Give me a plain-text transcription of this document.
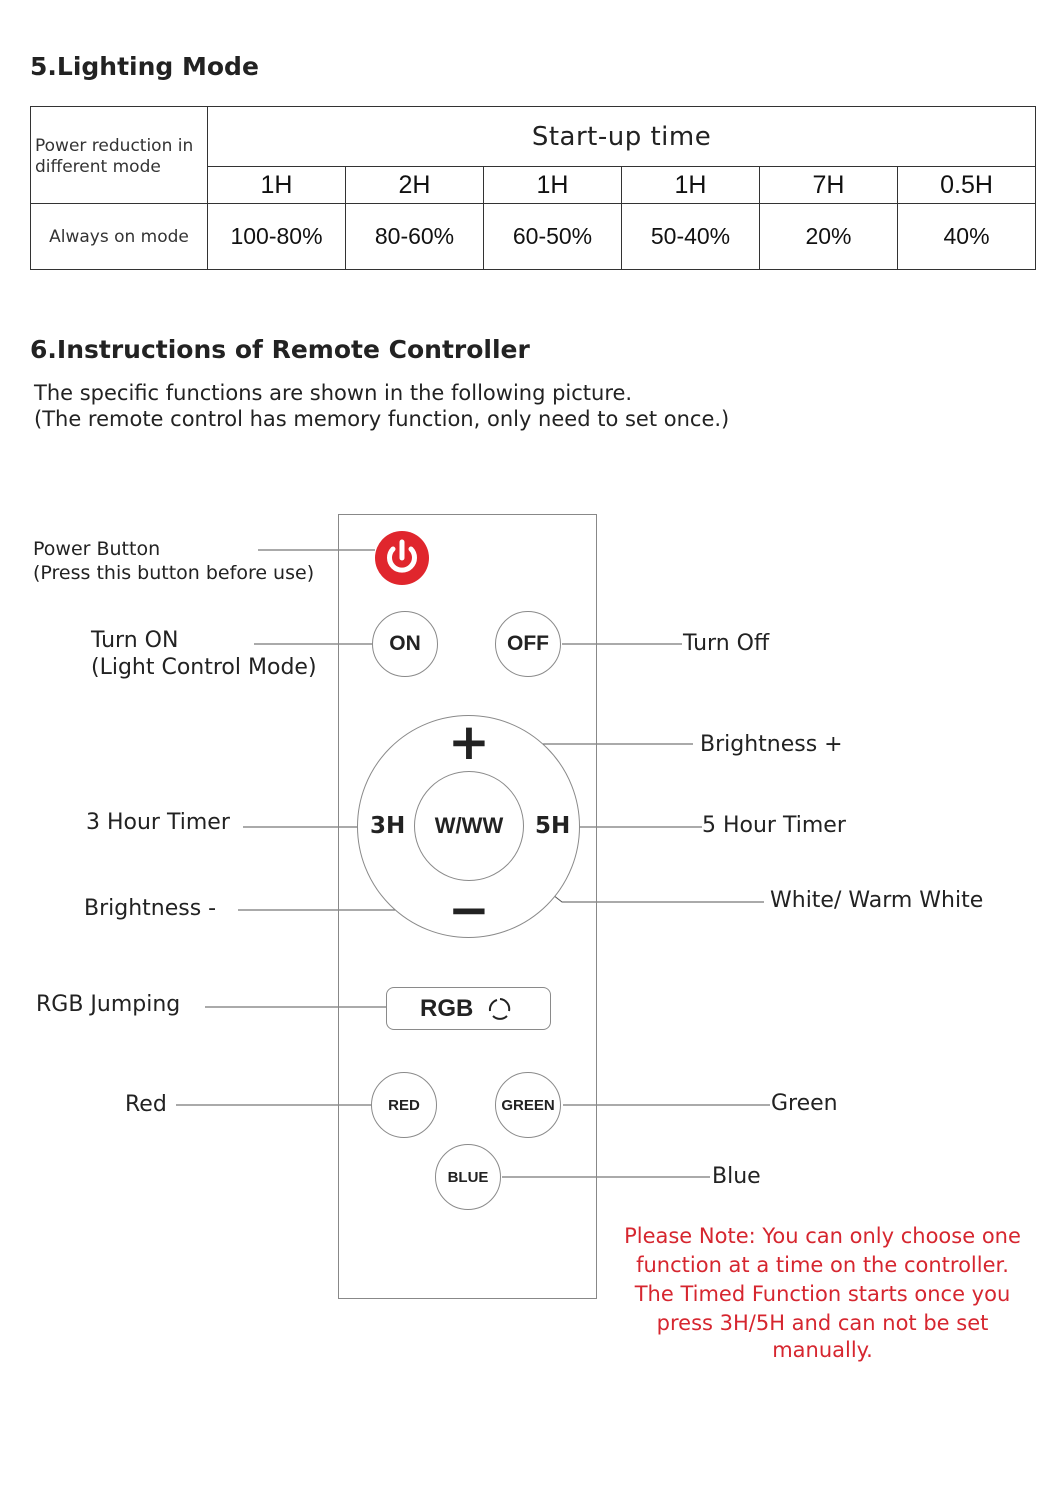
5.Lighting Mode
Power reduction in different mode	Start-up time					
	1H	2H	1H	1H	7H	0.5H
Always on mode	100-80%	80-60%	60-50%	50-40%	20%	40%
6.Instructions of Remote Controller
The specific functions are shown in the following picture.
(The remote control has memory function, only need to set once.)
ON	OFF
W/WW
+
−
3H	5H
RGB
RED	GREEN
BLUE
Power Button
(Press this button before use)
Turn ON
(Light Control Mode)
Turn Off
Brightness +
3 Hour Timer	5 Hour Timer
White/ Warm White
Brightness -
RGB Jumping
Red	Green
Blue
Please Note: You can only choose one
function at a time on the controller.
The Timed Function starts once you
press 3H/5H and can not be set
manually.
